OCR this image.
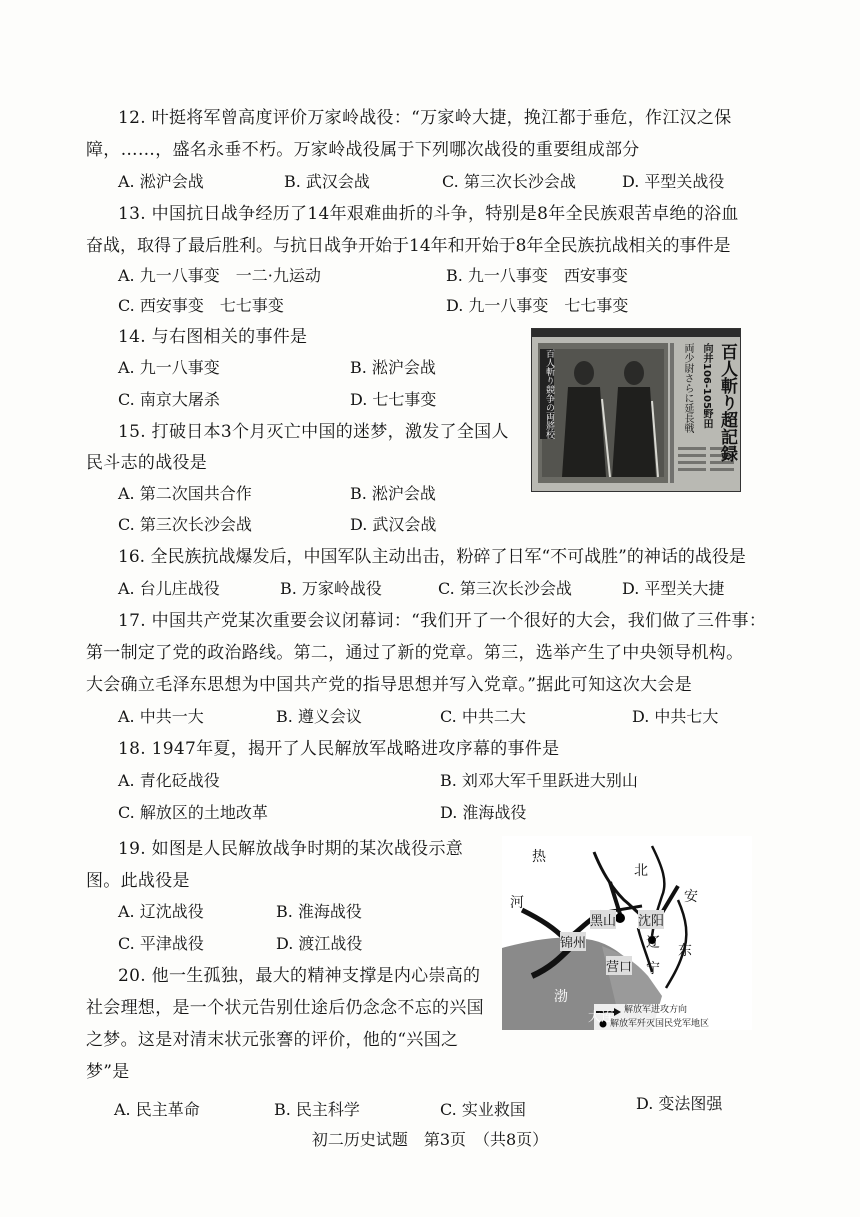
12. 叶挺将军曾高度评价万家岭战役：“万家岭大捷，挽江都于垂危，作江汉之保
障，……，盛名永垂不朽。万家岭战役属于下列哪次战役的重要组成部分
A. 淞沪会战	B. 武汉会战	C. 第三次长沙会战	D. 平型关战役
13. 中国抗日战争经历了14年艰难曲折的斗争，特别是8年全民族艰苦卓绝的浴血
奋战，取得了最后胜利。与抗日战争开始于14年和开始于8年全民族抗战相关的事件是
A. 九一八事变　一二·九运动	B. 九一八事变　西安事变
C. 西安事变　七七事变	D. 九一八事变　七七事变
14. 与右图相关的事件是
A. 九一八事变	B. 淞沪会战
C. 南京大屠杀	D. 七七事变	百人斬り超記録
向井106-105野田
両少尉さらに延長戦
百人斬り競争の両將校
15. 打破日本3个月灭亡中国的迷梦，激发了全国人
民斗志的战役是
A. 第二次国共合作	B. 淞沪会战
C. 第三次长沙会战	D. 武汉会战
16. 全民族抗战爆发后，中国军队主动出击，粉碎了日军“不可战胜”的神话的战役是
A. 台儿庄战役	B. 万家岭战役	C. 第三次长沙会战	D. 平型关大捷
17. 中国共产党某次重要会议闭幕词：“我们开了一个很好的大会，我们做了三件事：
第一制定了党的政治路线。第二，通过了新的党章。第三，选举产生了中央领导机构。
大会确立毛泽东思想为中国共产党的指导思想并写入党章。”据此可知这次大会是
A. 中共一大	B. 遵义会议	C. 中共二大	D. 中共七大
18. 1947年夏，揭开了人民解放军战略进攻序幕的事件是
A. 青化砭战役	B. 刘邓大军千里跃进大别山
C. 解放区的土地改革	D. 淮海战役
19. 如图是人民解放战争时期的某次战役示意
图。此战役是
A. 辽沈战役	B. 淮海战役
C. 平津战役	D. 渡江战役
热
河
北
安
黑山 沈阳
锦州	辽 东
营口 宁
渤
大连 解放军进攻方向
解放军歼灭国民党军地区
20. 他一生孤独，最大的精神支撑是内心崇高的
社会理想，是一个状元告别仕途后仍念念不忘的兴国
之梦。这是对清末状元张謇的评价，他的“兴国之
梦”是
A. 民主革命	B. 民主科学	C. 实业救国	D. 变法图强
初二历史试题　第3页　（共8页）
